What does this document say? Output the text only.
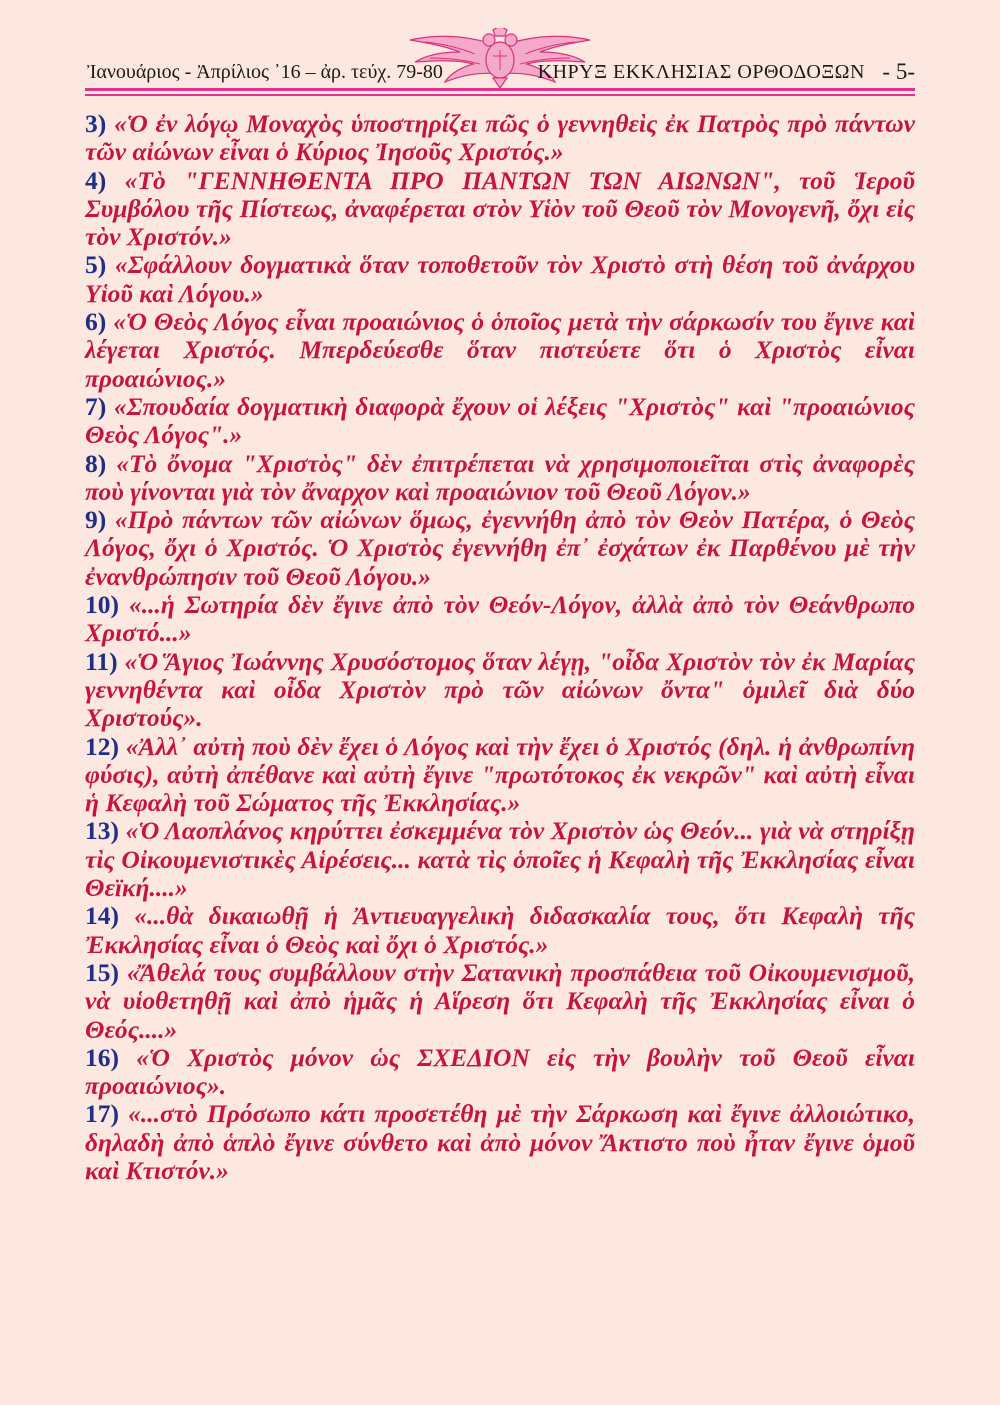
Ἰανουάριος - Ἀπρίλιος ᾿16 – ἀρ. τεύχ. 79-80	ΚΗΡΥΞ ΕΚΚΛΗΣΙΑΣ ΟΡΘΟΔΟΞΩΝ - 5-

3) «Ὁ ἐν λόγῳ Μοναχὸς ὑποστηρίζει πῶς ὁ γεννηθεὶς ἐκ Πατρὸς πρὸ πάντων τῶν αἰώνων εἶναι ὁ Κύριος Ἰησοῦς Χριστός.»

4) «Τὸ "ΓΕΝΝΗΘΕΝΤΑ ΠΡΟ ΠΑΝΤΩΝ ΤΩΝ ΑΙΩΝΩΝ", τοῦ Ἱεροῦ Συμβόλου τῆς Πίστεως, ἀναφέρεται στὸν Υἱὸν τοῦ Θεοῦ τὸν Μονογενῆ, ὄχι εἰς τὸν Χριστόν.»

5) «Σφάλλουν δογματικὰ ὅταν τοποθετοῦν τὸν Χριστὸ στὴ θέση τοῦ ἀνάρχου Υἱοῦ καὶ Λόγου.»

6) «Ὁ Θεὸς Λόγος εἶναι προαιώνιος ὁ ὁποῖος μετὰ τὴν σάρκωσίν του ἔγινε καὶ λέγεται Χριστός. Μπερδεύεσθε ὅταν πιστεύετε ὅτι ὁ Χριστὸς εἶναι προαιώνιος.»

7) «Σπουδαία δογματικὴ διαφορὰ ἔχουν οἱ λέξεις "Χριστὸς" καὶ "προαιώνιος Θεὸς Λόγος".»

8) «Τὸ ὄνομα "Χριστὸς" δὲν ἐπιτρέπεται νὰ χρησιμοποιεῖται στὶς ἀναφορὲς ποὺ γίνονται γιὰ τὸν ἄναρχον καὶ προαιώνιον τοῦ Θεοῦ Λόγον.»

9) «Πρὸ πάντων τῶν αἰώνων ὅμως, ἐγεννήθη ἀπὸ τὸν Θεὸν Πατέρα, ὁ Θεὸς Λόγος, ὄχι ὁ Χριστός. Ὁ Χριστὸς ἐγεννήθη ἐπ᾿ ἐσχάτων ἐκ Παρθένου μὲ τὴν ἐνανθρώπησιν τοῦ Θεοῦ Λόγου.»

10) «...ἡ Σωτηρία δὲν ἔγινε ἀπὸ τὸν Θεόν-Λόγον, ἀλλὰ ἀπὸ τὸν Θεάνθρωπο Χριστό...»

11) «Ὁ Ἅγιος Ἰωάννης Χρυσόστομος ὅταν λέγῃ, "οἶδα Χριστὸν τὸν ἐκ Μαρίας γεννηθέντα καὶ οἶδα Χριστὸν πρὸ τῶν αἰώνων ὄντα" ὁμιλεῖ διὰ δύο Χριστούς».

12) «Ἀλλ᾿ αὐτὴ ποὺ δὲν ἔχει ὁ Λόγος καὶ τὴν ἔχει ὁ Χριστός (δηλ. ἡ ἀνθρωπίνη φύσις), αὐτὴ ἀπέθανε καὶ αὐτὴ ἔγινε "πρωτότοκος ἐκ νεκρῶν" καὶ αὐτὴ εἶναι ἡ Κεφαλὴ τοῦ Σώματος τῆς Ἐκκλησίας.»

13) «Ὁ Λαοπλάνος κηρύττει ἐσκεμμένα τὸν Χριστὸν ὡς Θεόν... γιὰ νὰ στηρίξῃ τὶς Οἰκουμενιστικὲς Αἱρέσεις... κατὰ τὶς ὁποῖες ἡ Κεφαλὴ τῆς Ἐκκλησίας εἶναι Θεϊκή....»

14) «...θὰ δικαιωθῇ ἡ Ἀντιευαγγελικὴ διδασκαλία τους, ὅτι Κεφαλὴ τῆς Ἐκκλησίας εἶναι ὁ Θεὸς καὶ ὄχι ὁ Χριστός.»

15) «Ἄθελά τους συμβάλλουν στὴν Σατανικὴ προσπάθεια τοῦ Οἰκουμενισμοῦ, νὰ υἱοθετηθῇ καὶ ἀπὸ ἡμᾶς ἡ Αἵρεση ὅτι Κεφαλὴ τῆς Ἐκκλησίας εἶναι ὁ Θεός....»

16) «Ὁ Χριστὸς μόνον ὡς ΣΧΕΔΙΟΝ εἰς τὴν βουλὴν τοῦ Θεοῦ εἶναι προαιώνιος».

17) «...στὸ Πρόσωπο κάτι προσετέθη μὲ τὴν Σάρκωση καὶ ἔγινε ἀλλοιώτικο, δηλαδὴ ἀπὸ ἁπλὸ ἔγινε σύνθετο καὶ ἀπὸ μόνον Ἄκτιστο ποὺ ἦταν ἔγινε ὁμοῦ καὶ Κτιστόν.»
